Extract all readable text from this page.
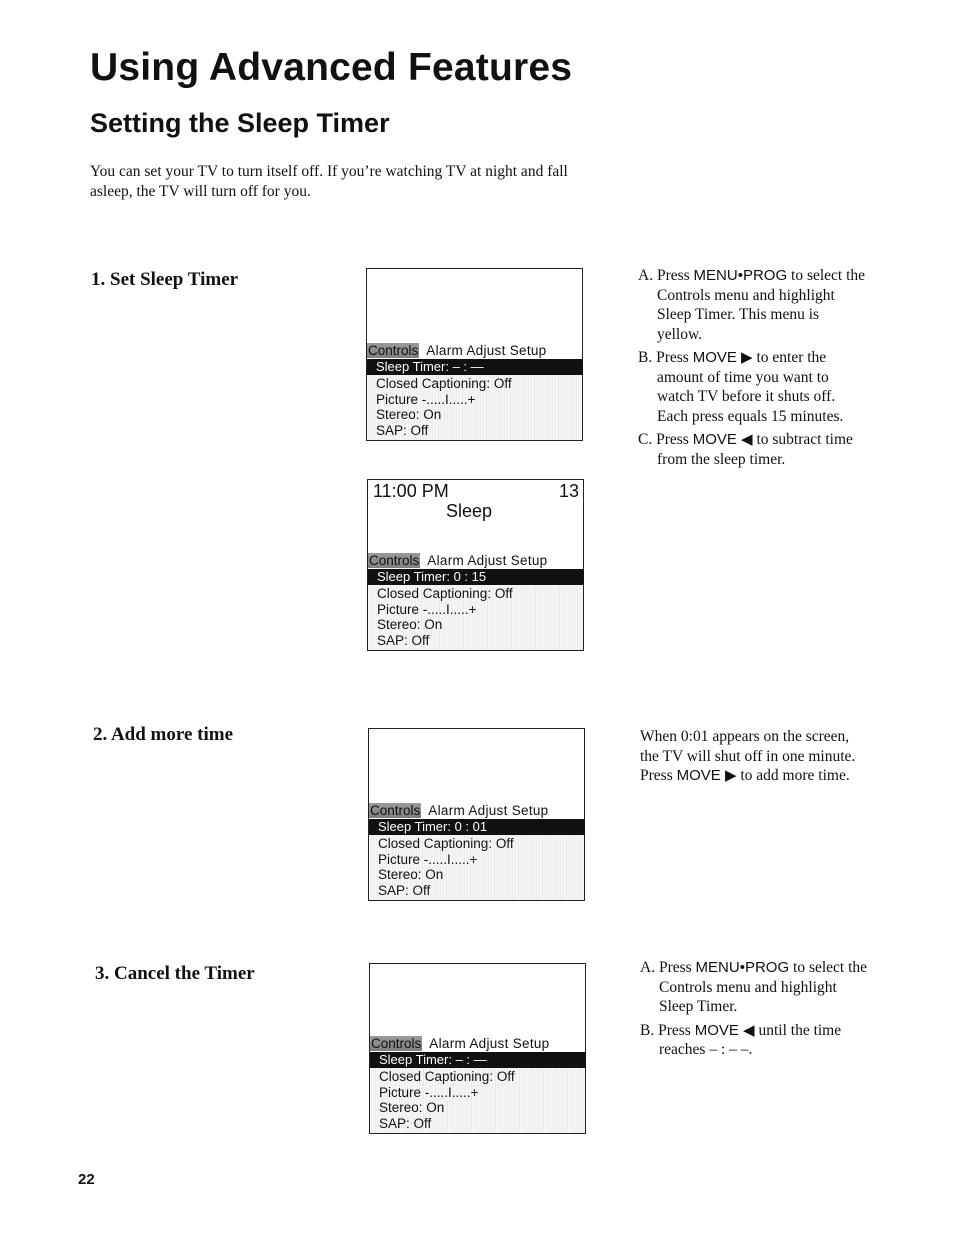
Using Advanced Features
Setting the Sleep Timer

You can set your TV to turn itself off. If you’re watching TV at night and fall asleep, the TV will turn off for you.

1. Set Sleep Timer
2. Add more time
3. Cancel the Timer
Controls Alarm Adjust Setup
Sleep Timer: – : —
Closed Captioning: Off
Picture -.....I.....+
Stereo: On
SAP: Off
11:00 PM	13
Sleep
Controls Alarm Adjust Setup
Sleep Timer: 0 : 15
Closed Captioning: Off
Picture -.....I.....+
Stereo: On
SAP: Off
Controls Alarm Adjust Setup
Sleep Timer: 0 : 01
Closed Captioning: Off
Picture -.....I.....+
Stereo: On
SAP: Off
Controls Alarm Adjust Setup
Sleep Timer: – : —
Closed Captioning: Off
Picture -.....I.....+
Stereo: On
SAP: Off
A. Press MENU•PROG to select the
Controls menu and highlight
Sleep Timer. This menu is
yellow.
B. Press MOVE ▶ to enter the
amount of time you want to
watch TV before it shuts off.
Each press equals 15 minutes.
C. Press MOVE ◀ to subtract time
from the sleep timer.
When 0:01 appears on the screen,
the TV will shut off in one minute.
Press MOVE ▶ to add more time.
A. Press MENU•PROG to select the
Controls menu and highlight
Sleep Timer.
B. Press MOVE ◀ until the time
reaches – : – –.
22
